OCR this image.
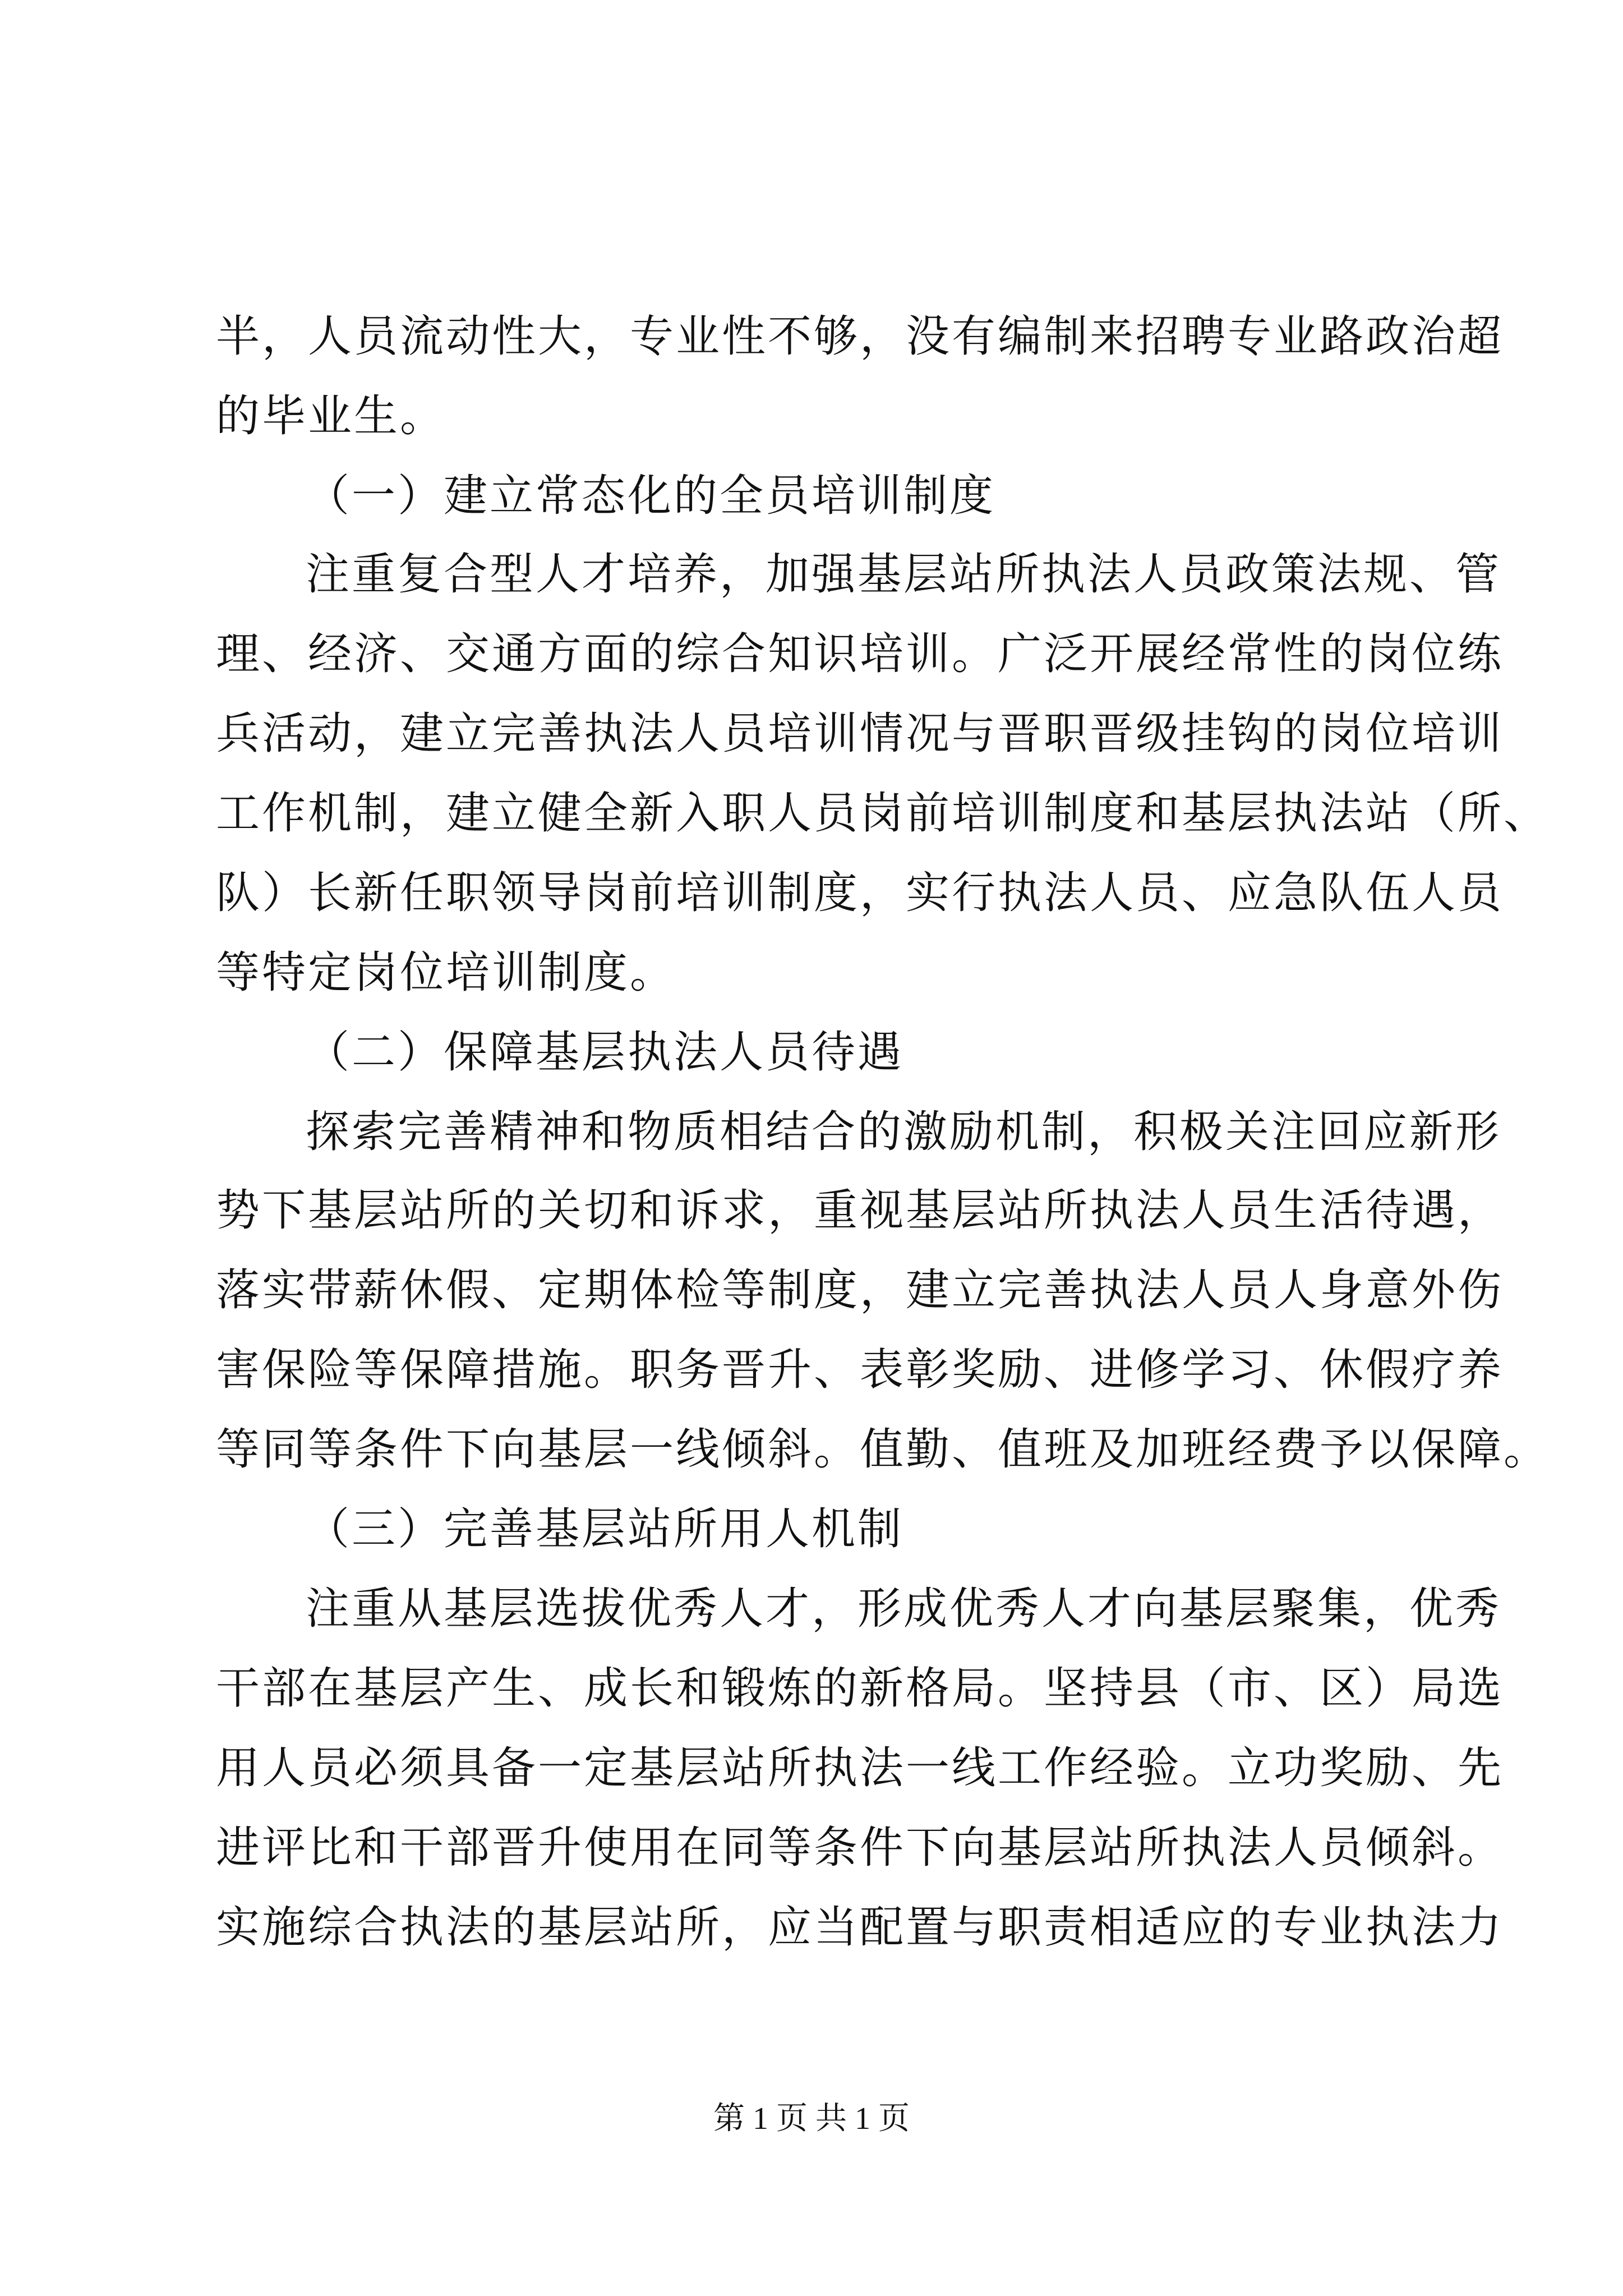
半，人员流动性大，专业性不够，没有编制来招聘专业路政治超
的毕业生。
（一）建立常态化的全员培训制度
注重复合型人才培养，加强基层站所执法人员政策法规、管
理、经济、交通方面的综合知识培训。广泛开展经常性的岗位练
兵活动，建立完善执法人员培训情况与晋职晋级挂钩的岗位培训
工作机制，建立健全新入职人员岗前培训制度和基层执法站（所、
队）长新任职领导岗前培训制度，实行执法人员、应急队伍人员
等特定岗位培训制度。
（二）保障基层执法人员待遇
探索完善精神和物质相结合的激励机制，积极关注回应新形
势下基层站所的关切和诉求，重视基层站所执法人员生活待遇，
落实带薪休假、定期体检等制度，建立完善执法人员人身意外伤
害保险等保障措施。职务晋升、表彰奖励、进修学习、休假疗养
等同等条件下向基层一线倾斜。值勤、值班及加班经费予以保障。
（三）完善基层站所用人机制
注重从基层选拔优秀人才，形成优秀人才向基层聚集，优秀
干部在基层产生、成长和锻炼的新格局。坚持县（市、区）局选
用人员必须具备一定基层站所执法一线工作经验。立功奖励、先
进评比和干部晋升使用在同等条件下向基层站所执法人员倾斜。
实施综合执法的基层站所，应当配置与职责相适应的专业执法力
第 1 页 共 1 页
